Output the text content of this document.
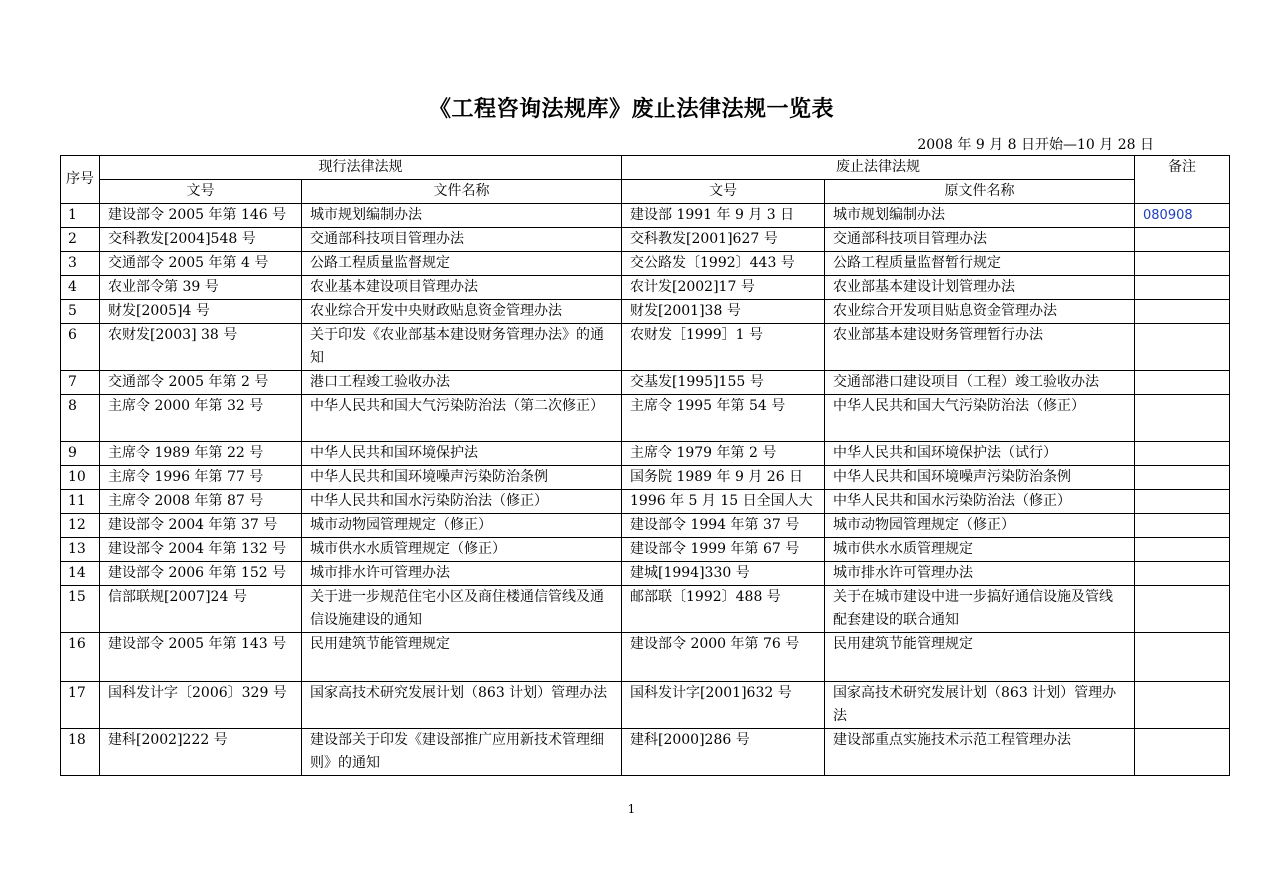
《工程咨询法规库》废止法律法规一览表
2008 年 9 月 8 日开始—10 月 28 日
序号	现行法律法规		废止法律法规		备注
	文号	文件名称	文号	原文件名称	
1	建设部令 2005 年第 146 号	城市规划编制办法	建设部 1991 年 9 月 3 日	城市规划编制办法	080908
2	交科教发[2004]548 号	交通部科技项目管理办法	交科教发[2001]627 号	交通部科技项目管理办法	
3	交通部令 2005 年第 4 号	公路工程质量监督规定	交公路发〔1992〕443 号	公路工程质量监督暂行规定	
4	农业部令第 39 号	农业基本建设项目管理办法	农计发[2002]17 号	农业部基本建设计划管理办法	
5	财发[2005]4 号	农业综合开发中央财政贴息资金管理办法	财发[2001]38 号	农业综合开发项目贴息资金管理办法	
6	农财发[2003] 38 号	关于印发《农业部基本建设财务管理办法》的通知	农财发［1999］1 号	农业部基本建设财务管理暂行办法	
7	交通部令 2005 年第 2 号	港口工程竣工验收办法	交基发[1995]155 号	交通部港口建设项目（工程）竣工验收办法	
8	主席令 2000 年第 32 号	中华人民共和国大气污染防治法（第二次修正）	主席令 1995 年第 54 号	中华人民共和国大气污染防治法（修正）	
9	主席令 1989 年第 22 号	中华人民共和国环境保护法	主席令 1979 年第 2 号	中华人民共和国环境保护法（试行）	
10	主席令 1996 年第 77 号	中华人民共和国环境噪声污染防治条例	国务院 1989 年 9 月 26 日	中华人民共和国环境噪声污染防治条例	
11	主席令 2008 年第 87 号	中华人民共和国水污染防治法（修正）	1996 年 5 月 15 日全国人大	中华人民共和国水污染防治法（修正）	
12	建设部令 2004 年第 37 号	城市动物园管理规定（修正）	建设部令 1994 年第 37 号	城市动物园管理规定（修正）	
13	建设部令 2004 年第 132 号	城市供水水质管理规定（修正）	建设部令 1999 年第 67 号	城市供水水质管理规定	
14	建设部令 2006 年第 152 号	城市排水许可管理办法	建城[1994]330 号	城市排水许可管理办法	
15	信部联规[2007]24 号	关于进一步规范住宅小区及商住楼通信管线及通信设施建设的通知	邮部联〔1992〕488 号	关于在城市建设中进一步搞好通信设施及管线配套建设的联合通知	
16	建设部令 2005 年第 143 号	民用建筑节能管理规定	建设部令 2000 年第 76 号	民用建筑节能管理规定	
17	国科发计字〔2006〕329 号	国家高技术研究发展计划（863 计划）管理办法	国科发计字[2001]632 号	国家高技术研究发展计划（863 计划）管理办法	
18	建科[2002]222 号	建设部关于印发《建设部推广应用新技术管理细则》的通知	建科[2000]286 号	建设部重点实施技术示范工程管理办法	
1
